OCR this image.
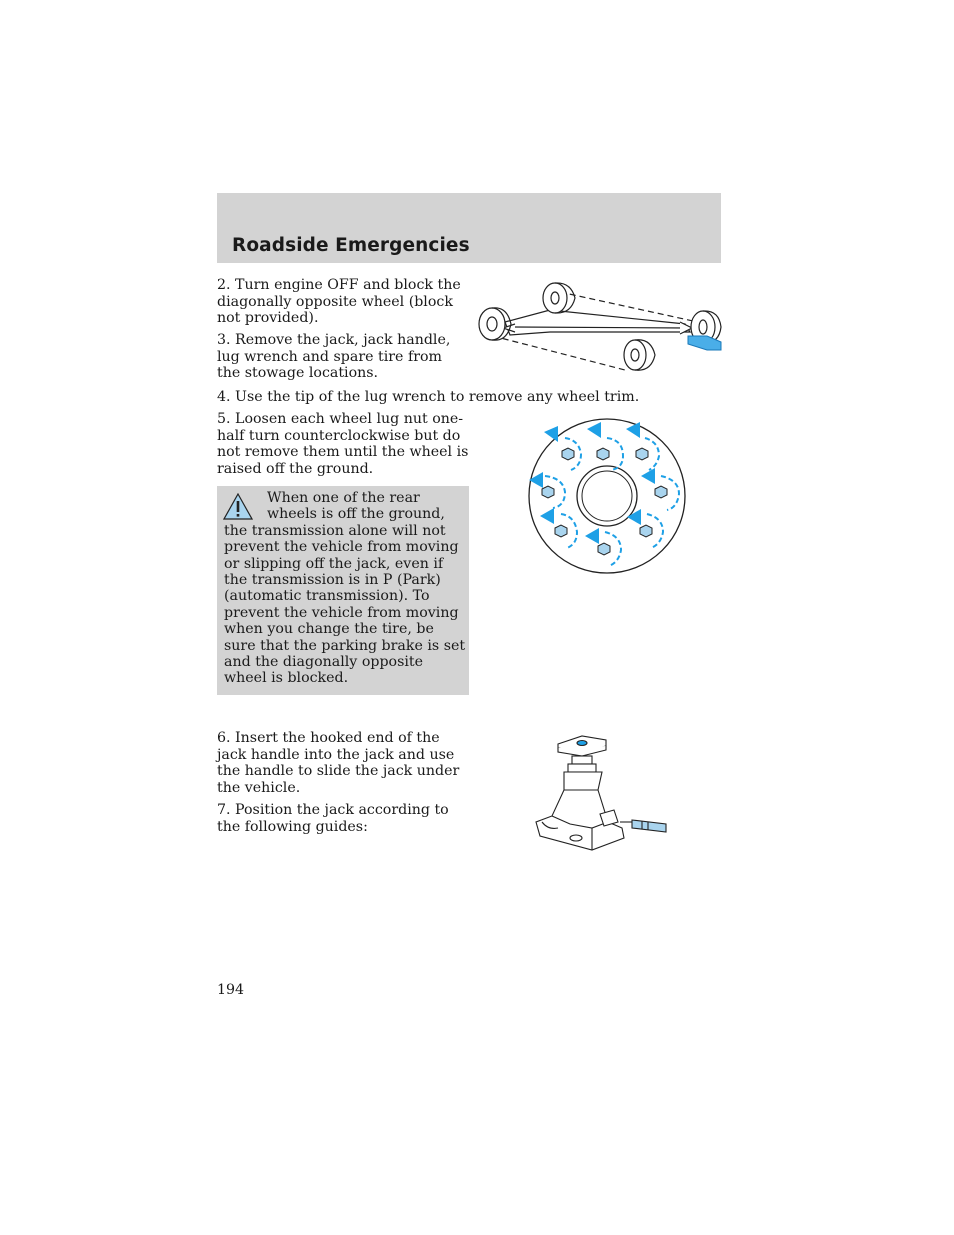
Roadside Emergencies

2. Turn engine OFF and block the diagonally opposite wheel (block not provided).

3. Remove the jack, jack handle, lug wrench and spare tire from the stowage locations.

4. Use the tip of the lug wrench to remove any wheel trim.

5. Loosen each wheel lug nut one-half turn counterclockwise but do not remove them until the wheel is raised off the ground.

When one of the rear wheels is off the ground, the transmission alone will not prevent the vehicle from moving or slipping off the jack, even if the transmission is in P (Park) (automatic transmission). To prevent the vehicle from moving when you change the tire, be sure that the parking brake is set and the diagonally opposite wheel is blocked.

6. Insert the hooked end of the jack handle into the jack and use the handle to slide the jack under the vehicle.

7. Position the jack according to the following guides:

194
